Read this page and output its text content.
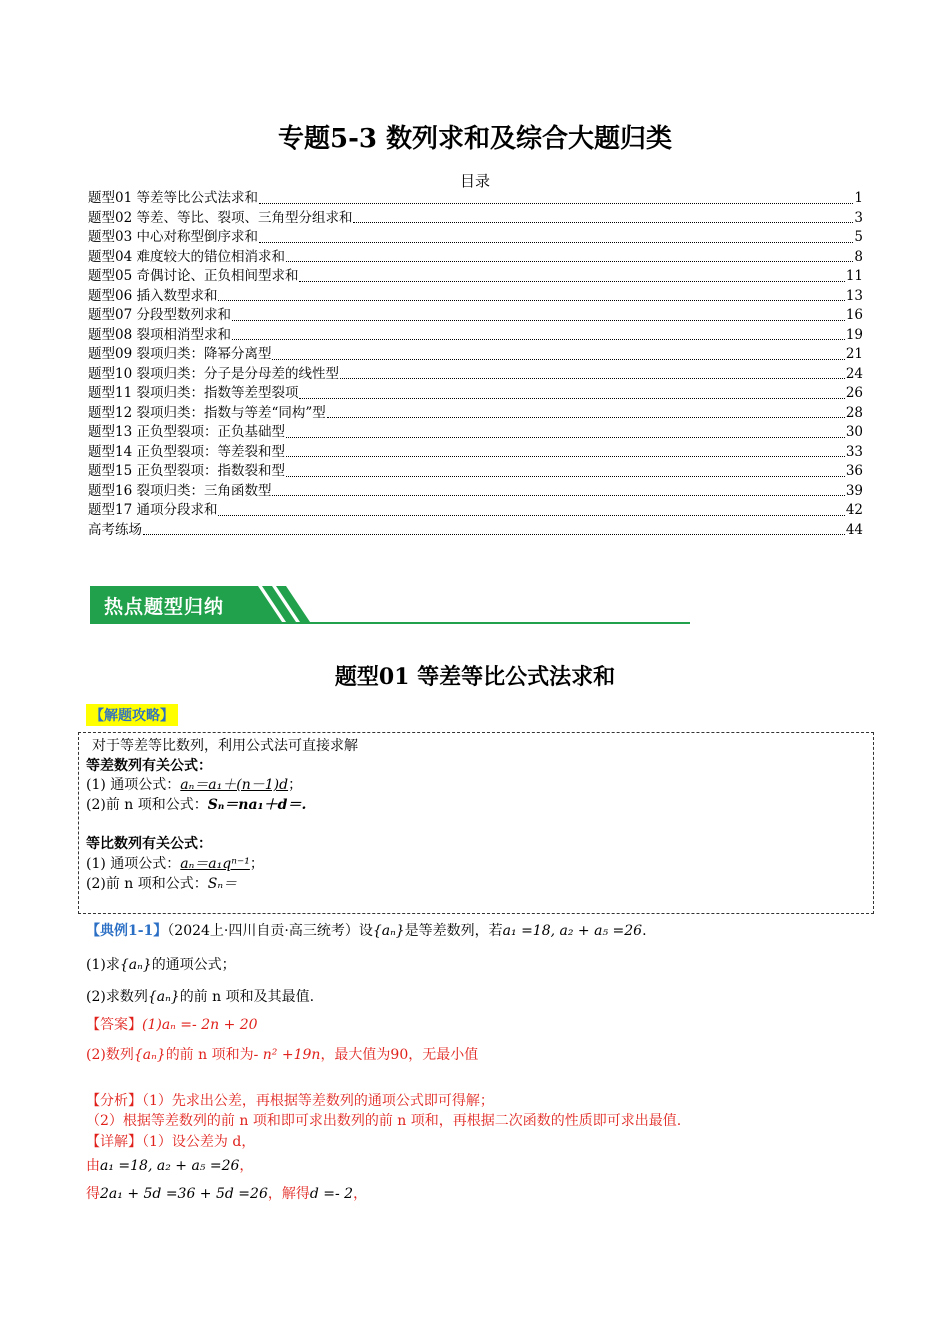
专题5-3 数列求和及综合大题归类
目录
题型01 等差等比公式法求和	1
题型02 等差、等比、裂项、三角型分组求和	3
题型03 中心对称型倒序求和	5
题型04 难度较大的错位相消求和	8
题型05 奇偶讨论、正负相间型求和	11
题型06 插入数型求和	13
题型07 分段型数列求和	16
题型08 裂项相消型求和	19
题型09 裂项归类：降幂分离型	21
题型10 裂项归类：分子是分母差的线性型	24
题型11 裂项归类：指数等差型裂项	26
题型12 裂项归类：指数与等差“同构”型	28
题型13 正负型裂项：正负基础型	30
题型14 正负型裂项：等差裂和型	33
题型15 正负型裂项：指数裂和型	36
题型16 裂项归类：三角函数型	39
题型17 通项分段求和	42
高考练场	44
热点题型归纳
题型01 等差等比公式法求和
【解题攻略】
对于等差等比数列，利用公式法可直接求解
等差数列有关公式：
(1) 通项公式：aₙ＝a₁＋(n－1)d；
(2)前 n 项和公式：Sₙ＝na₁＋d＝.
等比数列有关公式：
(1) 通项公式：aₙ＝a₁qⁿ⁻¹；
(2)前 n 项和公式：Sₙ＝
【典例1-1】（2024上·四川自贡·高三统考）设{aₙ}是等差数列，若a₁ =18, a₂ + a₅ =26.
(1)求{aₙ}的通项公式；
(2)求数列{aₙ}的前 n 项和及其最值.
【答案】(1)aₙ =- 2n + 20
(2)数列{aₙ}的前 n 项和为- n² +19n，最大值为90，无最小值
【分析】（1）先求出公差，再根据等差数列的通项公式即可得解；
（2）根据等差数列的前 n 项和即可求出数列的前 n 项和，再根据二次函数的性质即可求出最值.
【详解】（1）设公差为 d，
由a₁ =18, a₂ + a₅ =26，
得2a₁ + 5d =36 + 5d =26，解得d =- 2，
